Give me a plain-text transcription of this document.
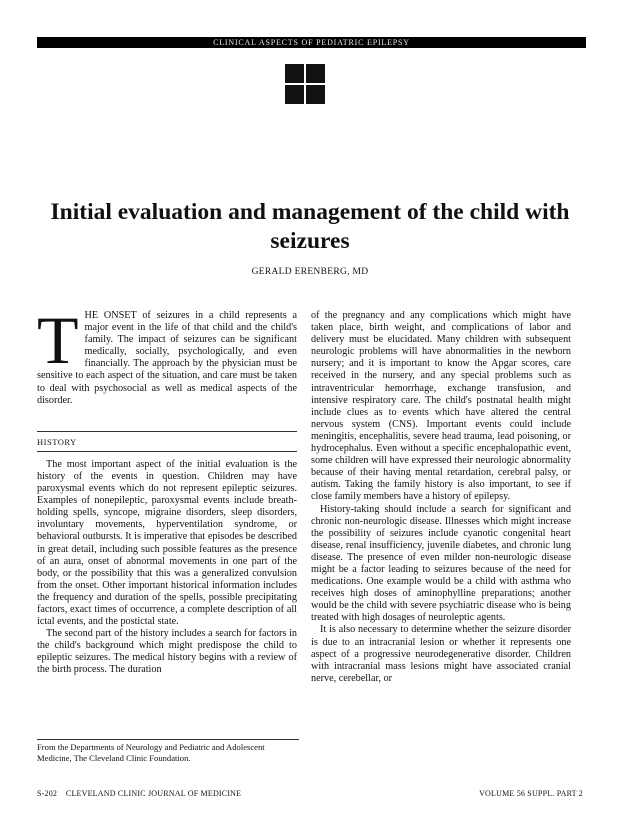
CLINICAL ASPECTS OF PEDIATRIC EPILEPSY
Initial evaluation and management of the child with seizures
GERALD ERENBERG, MD

THE ONSET of seizures in a child represents a major event in the life of that child and the child's family. The impact of seizures can be significant medically, socially, psychologically, and even financially. The approach by the physician must be sensitive to each aspect of the situation, and care must be taken to deal with psychosocial as well as medical aspects of the disorder.

HISTORY

The most important aspect of the initial evaluation is the history of the events in question. Children may have paroxysmal events which do not represent epileptic seizures. Examples of nonepileptic, paroxysmal events include breath-holding spells, syncope, migraine disorders, sleep disorders, involuntary movements, hyperventilation syndrome, or behavioral outbursts. It is imperative that episodes be described in great detail, including such possible features as the presence of an aura, onset of abnormal movements in one part of the body, or the possibility that this was a generalized convulsion from the onset. Other important historical information includes the frequency and duration of the spells, possible precipitating factors, exact times of occurrence, a complete description of all ictal events, and the postictal state.

The second part of the history includes a search for factors in the child's background which might predispose the child to epileptic seizures. The medical history begins with a review of the birth process. The duration

From the Departments of Neurology and Pediatric and Adolescent Medicine, The Cleveland Clinic Foundation.

of the pregnancy and any complications which might have taken place, birth weight, and complications of labor and delivery must be elucidated. Many children with subsequent neurologic problems will have abnormalities in the newborn nursery; and it is important to know the Apgar scores, care received in the nursery, and any special problems such as intraventricular hemorrhage, exchange transfusion, and intensive respiratory care. The child's postnatal health might include clues as to events which have altered the central nervous system (CNS). Important events could include meningitis, encephalitis, severe head trauma, lead poisoning, or hydrocephalus. Even without a specific encephalopathic event, some children will have expressed their neurologic abnormality because of their having mental retardation, cerebral palsy, or autism. Taking the family history is also important, to see if close family members have a history of epilepsy.

History-taking should include a search for significant and chronic non-neurologic disease. Illnesses which might increase the possibility of seizures include cyanotic congenital heart disease, renal insufficiency, juvenile diabetes, and chronic lung disease. The presence of even milder non-neurologic disease might be a factor leading to seizures because of the need for medications. One example would be a child with asthma who receives high doses of aminophylline preparations; another would be the child with severe psychiatric disease who is being treated with high dosages of neuroleptic agents.

It is also necessary to determine whether the seizure disorder is due to an intracranial lesion or whether it represents one aspect of a progressive neurodegenerative disorder. Children with intracranial mass lesions might have associated cranial nerve, cerebellar, or

S-202    CLEVELAND CLINIC JOURNAL OF MEDICINE	VOLUME 56 SUPPL. PART 2
